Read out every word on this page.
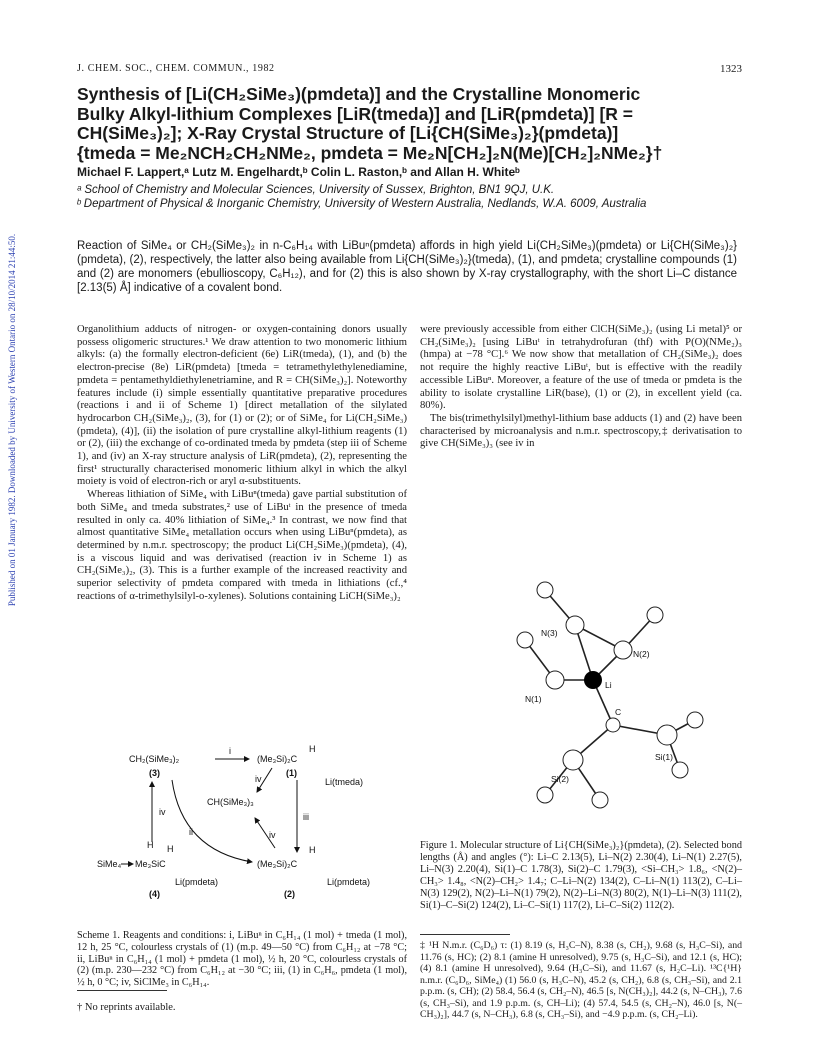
Published on 01 January 1982. Downloaded by University of Western Ontario on 28/10/2014 21:44:50.
J. CHEM. SOC., CHEM. COMMUN., 1982	1323
Synthesis of [Li(CH₂SiMe₃)(pmdeta)] and the Crystalline Monomeric
Bulky Alkyl-lithium Complexes [LiR(tmeda)] and [LiR(pmdeta)] [R =
CH(SiMe₃)₂]; X-Ray Crystal Structure of [Li{CH(SiMe₃)₂}(pmdeta)]
{tmeda = Me₂NCH₂CH₂NMe₂, pmdeta = Me₂N[CH₂]₂N(Me)[CH₂]₂NMe₂}†
Michael F. Lappert,ᵃ Lutz M. Engelhardt,ᵇ Colin L. Raston,ᵇ and Allan H. Whiteᵇ
ᵃ School of Chemistry and Molecular Sciences, University of Sussex, Brighton, BN1 9QJ, U.K.
ᵇ Department of Physical & Inorganic Chemistry, University of Western Australia, Nedlands, W.A. 6009, Australia
Reaction of SiMe₄ or CH₂(SiMe₃)₂ in n-C₆H₁₄ with LiBuⁿ(pmdeta) affords in high yield Li(CH₂SiMe₃)(pmdeta) or Li{CH(SiMe₃)₂}(pmdeta), (2), respectively, the latter also being available from Li{CH(SiMe₃)₂}(tmeda), (1), and pmdeta; crystalline compounds (1) and (2) are monomers (ebullioscopy, C₆H₁₂), and for (2) this is also shown by X-ray crystallography, with the short Li–C distance [2.13(5) Å] indicative of a covalent bond.

Organolithium adducts of nitrogen- or oxygen-containing donors usually possess oligomeric structures.¹ We draw attention to two monomeric lithium alkyls: (a) the formally electron-deficient (6e) LiR(tmeda), (1), and (b) the electron-precise (8e) LiR(pmdeta) [tmeda = tetramethylethylenediamine, pmdeta = pentamethyldiethylenetriamine, and R = CH(SiMe₃)₂]. Noteworthy features include (i) simple essentially quantitative preparative procedures (reactions i and ii of Scheme 1) [direct metallation of the silylated hydrocarbon CH₂(SiMe₃)₂, (3), for (1) or (2); or of SiMe₄ for Li(CH₂SiMe₃)(pmdeta), (4)], (ii) the isolation of pure crystalline alkyl-lithium reagents (1) or (2), (iii) the exchange of co-ordinated tmeda by pmdeta (step iii of Scheme 1), and (iv) an X-ray structure analysis of LiR(pmdeta), (2), representing the first¹ structurally characterised monomeric lithium alkyl in which the alkyl moiety is void of electron-rich or aryl α-substituents.

Whereas lithiation of SiMe₄ with LiBuⁿ(tmeda) gave partial substitution of both SiMe₄ and tmeda substrates,² use of LiBuᵗ in the presence of tmeda resulted in only ca. 40% lithiation of SiMe₄.³ In contrast, we now find that almost quantitative SiMe₄ metallation occurs when using LiBuⁿ(pmdeta), as determined by n.m.r. spectroscopy; the product Li(CH₂SiMe₃)(pmdeta), (4), is a viscous liquid and was derivatised (reaction iv in Scheme 1) as CH₂(SiMe₃)₂, (3). This is a further example of the increased reactivity and superior selectivity of pmdeta compared with tmeda in lithiations (cf.,⁴ reactions of α-trimethylsilyl-o-xylenes). Solutions containing LiCH(SiMe₃)₂

were previously accessible from either ClCH(SiMe₃)₂ (using Li metal)⁵ or CH₂(SiMe₃)₂ [using LiBuᵗ in tetrahydrofuran (thf) with P(O)(NMe₂)₃ (hmpa) at −78 °C].⁶ We now show that metallation of CH₂(SiMe₃)₂ does not require the highly reactive LiBuᵗ, but is effective with the readily accessible LiBuⁿ. Moreover, a feature of the use of tmeda or pmdeta is the ability to isolate crystalline LiR(base), (1) or (2), in excellent yield (ca. 80%).

The bis(trimethylsilyl)methyl-lithium base adducts (1) and (2) have been characterised by microanalysis and n.m.r. spectroscopy,‡ derivatisation to give CH(SiMe₃)₃ (see iv in

CH₂(SiMe₃)₂
(3)
i
(Me₃Si)₂C
H
Li(tmeda)
(1)
iv
CH(SiMe₃)₃
iii
iv
iv
ii
SiMe₄ Me₃SiC
H H
Li(pmdeta)
(4)
(Me₃Si)₂C
H
Li(pmdeta)
(2)
N(3)
N(2)
N(1)
Li
C
Si(1)
Si(2)
Figure 1. Molecular structure of Li{CH(SiMe₃)₂}(pmdeta), (2). Selected bond lengths (Å) and angles (°): Li–C 2.13(5), Li–N(2) 2.30(4), Li–N(1) 2.27(5), Li–N(3) 2.20(4), Si(1)–C 1.78(3), Si(2)–C 1.79(3), <Si–CH₃> 1.8₆, <N(2)–CH₃> 1.4₈, <N(2)–CH₂> 1.4₇; C–Li–N(2) 134(2), C–Li–N(1) 113(2), C–Li–N(3) 129(2), N(2)–Li–N(1) 79(2), N(2)–Li–N(3) 80(2), N(1)–Li–N(3) 111(2), Si(1)–C–Si(2) 124(2), Li–C–Si(1) 117(2), Li–C–Si(2) 112(2).
Scheme 1. Reagents and conditions: i, LiBuⁿ in C₆H₁₄ (1 mol) + tmeda (1 mol), 12 h, 25 °C, colourless crystals of (1) (m.p. 49—50 °C) from C₆H₁₂ at −78 °C; ii, LiBuⁿ in C₆H₁₄ (1 mol) + pmdeta (1 mol), ½ h, 20 °C, colourless crystals of (2) (m.p. 230—232 °C) from C₆H₁₂ at −30 °C; iii, (1) in C₆H₆, pmdeta (1 mol), ½ h, 0 °C; iv, SiClMe₃ in C₆H₁₄.
† No reprints available.
‡ ¹H N.m.r. (C₆D₆) τ: (1) 8.19 (s, H₃C–N), 8.38 (s, CH₂), 9.68 (s, H₃C–Si), and 11.76 (s, HC); (2) 8.1 (amine H unresolved), 9.75 (s, H₃C–Si), and 12.1 (s, HC); (4) 8.1 (amine H unresolved), 9.64 (H₃C–Si), and 11.67 (s, H₂C–Li). ¹³C{¹H} n.m.r. (C₆D₆, SiMe₄) (1) 56.0 (s, H₃C–N), 45.2 (s, CH₂), 6.8 (s, CH₃–Si), and 2.1 p.p.m. (s, CH); (2) 58.4, 56.4 (s, CH₂–N), 46.5 [s, N(CH₃)₂], 44.2 (s, N–CH₃), 7.6 (s, CH₃–Si), and 1.9 p.p.m. (s, CH–Li); (4) 57.4, 54.5 (s, CH₂–N), 46.0 [s, N(–CH₃)₂], 44.7 (s, N–CH₃), 6.8 (s, CH₃–Si), and −4.9 p.p.m. (s, CH₂–Li).
